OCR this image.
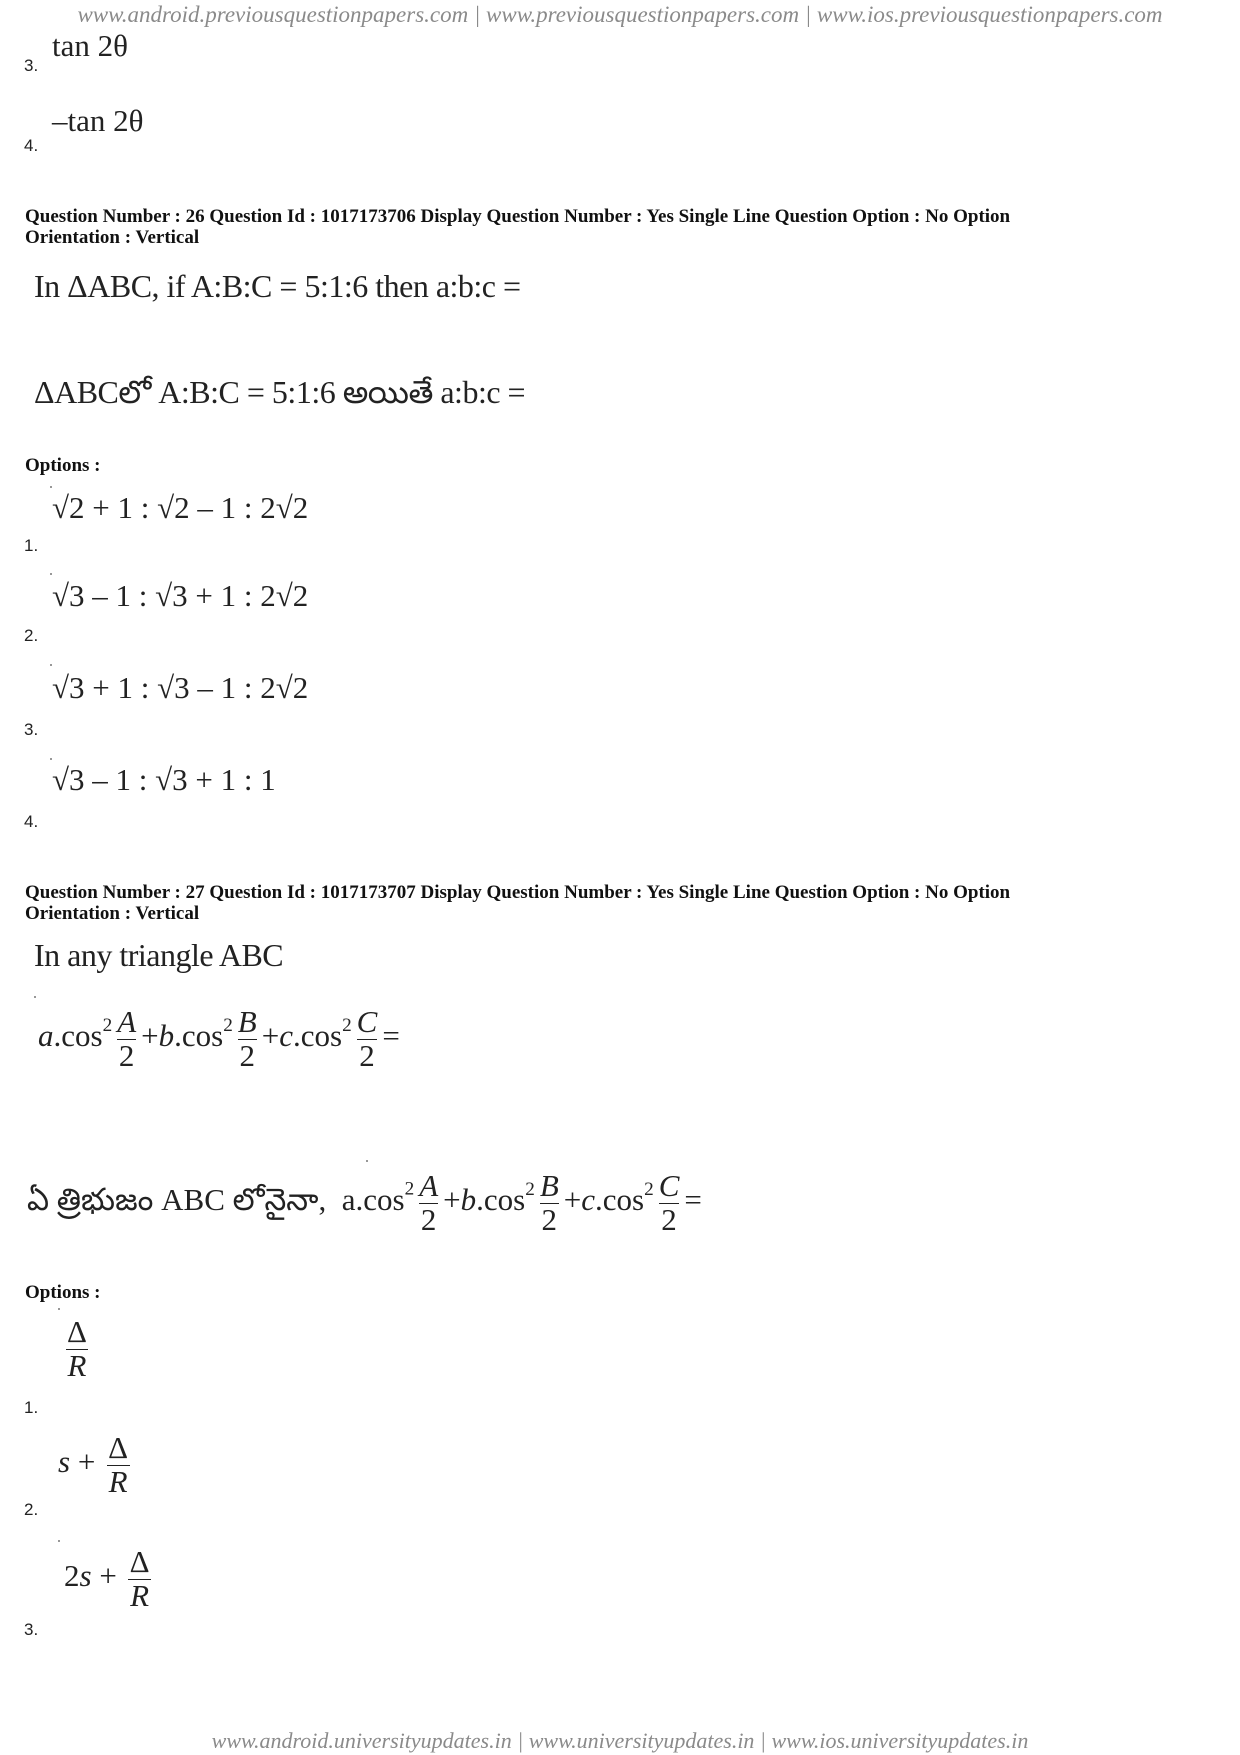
www.android.previousquestionpapers.com | www.previousquestionpapers.com | www.ios.previousquestionpapers.com
tan 2θ
3.
–tan 2θ
4.
Question Number : 26 Question Id : 1017173706 Display Question Number : Yes Single Line Question Option : No Option
Orientation : Vertical
In ΔABC, if A:B:C = 5:1:6 then a:b:c =
ΔABCలో A:B:C = 5:1:6 అయితే a:b:c =
Options :
√2 + 1 : √2 – 1 : 2√2
1.
√3 – 1 : √3 + 1 : 2√2
2.
√3 + 1 : √3 – 1 : 2√2
3.
√3 – 1 : √3 + 1 : 1
4.
Question Number : 27 Question Id : 1017173707 Display Question Number : Yes Single Line Question Option : No Option
Orientation : Vertical
In any triangle ABC
$a.\cos^2 \frac{A}{2} +b.\cos^2 \frac{B}{2} +c.\cos^2 \frac{C}{2}$ =
ఏ త్రిభుజం ABC లోనైనా,  $a.\cos^2 \frac{A}{2} +b.\cos^2 \frac{B}{2} +c.\cos^2 \frac{C}{2}$ =
Options :
$\frac{\Delta}{R}$
1.
$s + \frac{\Delta}{R}$
2.
$2s + \frac{\Delta}{R}$
3.
www.android.universityupdates.in | www.universityupdates.in | www.ios.universityupdates.in
